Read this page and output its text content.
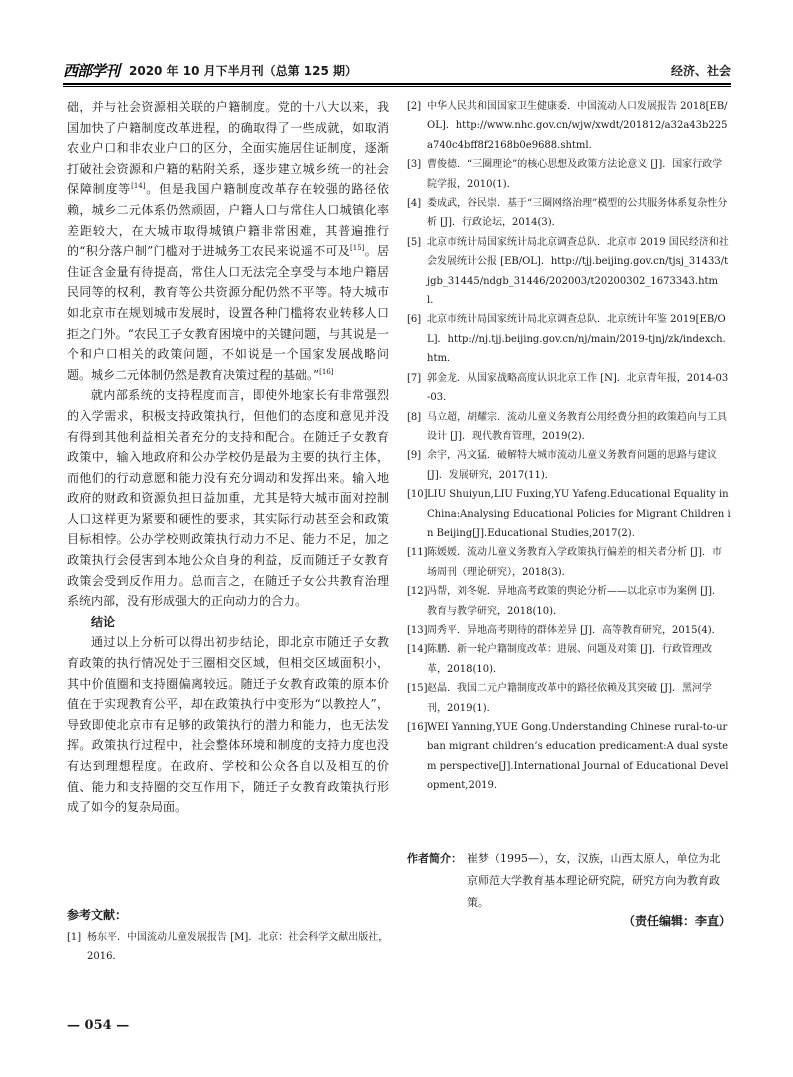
西部学刊 2020 年 10 月下半月刊（总第 125 期）	经济、社会

础，并与社会资源相关联的户籍制度。党的十八大以来，我国加快了户籍制度改革进程，的确取得了一些成就，如取消农业户口和非农业户口的区分，全面实施居住证制度，逐渐打破社会资源和户籍的粘附关系，逐步建立城乡统一的社会保障制度等[14]。但是我国户籍制度改革存在较强的路径依赖，城乡二元体系仍然顽固，户籍人口与常住人口城镇化率差距较大，在大城市取得城镇户籍非常困难，其普遍推行的“积分落户制”门槛对于进城务工农民来说遥不可及[15]。居住证含金量有待提高，常住人口无法完全享受与本地户籍居民同等的权利，教育等公共资源分配仍然不平等。特大城市如北京市在规划城市发展时，设置各种门槛将农业转移人口拒之门外。“农民工子女教育困境中的关键问题，与其说是一个和户口相关的政策问题，不如说是一个国家发展战略问题。城乡二元体制仍然是教育决策过程的基础。”[16]

就内部系统的支持程度而言，即使外地家长有非常强烈的入学需求，积极支持政策执行，但他们的态度和意见并没有得到其他利益相关者充分的支持和配合。在随迁子女教育政策中，输入地政府和公办学校仍是最为主要的执行主体，而他们的行动意愿和能力没有充分调动和发挥出来。输入地政府的财政和资源负担日益加重，尤其是特大城市面对控制人口这样更为紧要和硬性的要求，其实际行动甚至会和政策目标相悖。公办学校则政策执行动力不足、能力不足，加之政策执行会侵害到本地公众自身的利益，反而随迁子女教育政策会受到反作用力。总而言之，在随迁子女公共教育治理系统内部，没有形成强大的正向动力的合力。

结论

通过以上分析可以得出初步结论，即北京市随迁子女教育政策的执行情况处于三圈相交区域，但相交区域面积小，其中价值圈和支持圈偏离较远。随迁子女教育政策的原本价值在于实现教育公平，却在政策执行中变形为“以教控人”，导致即使北京市有足够的政策执行的潜力和能力，也无法发挥。政策执行过程中，社会整体环境和制度的支持力度也没有达到理想程度。在政府、学校和公众各自以及相互的价值、能力和支持圈的交互作用下，随迁子女教育政策执行形成了如今的复杂局面。

参考文献：
[1] 杨东平．中国流动儿童发展报告 [M]．北京：社会科学文献出版社，2016．
[2] 中华人民共和国国家卫生健康委．中国流动人口发展报告 2018[EB/OL]．http://www.nhc.gov.cn/wjw/xwdt/201812/a32a43b225a740c4bff8f2168b0e9688.shtml．
[3] 曹俊德．“三圈理论”的核心思想及政策方法论意义 [J]．国家行政学院学报，2010(1)．
[4] 娄成武，谷民崇．基于“三圈网络治理”模型的公共服务体系复杂性分析 [J]．行政论坛，2014(3)．
[5] 北京市统计局国家统计局北京调查总队．北京市 2019 国民经济和社会发展统计公报 [EB/OL]．http://tjj.beijing.gov.cn/tjsj_31433/tjgb_31445/ndgb_31446/202003/t20200302_1673343.html．
[6] 北京市统计局国家统计局北京调查总队．北京统计年鉴 2019[EB/OL]．http://nj.tjj.beijing.gov.cn/nj/main/2019-tjnj/zk/indexch.htm．
[7] 郭金龙．从国家战略高度认识北京工作 [N]．北京青年报，2014-03-03．
[8] 马立超，胡耀宗．流动儿童义务教育公用经费分担的政策趋向与工具设计 [J]．现代教育管理，2019(2)．
[9] 余宇，冯文猛．破解特大城市流动儿童义务教育问题的思路与建议 [J]．发展研究，2017(11)．
[10] LIU Shuiyun,LIU Fuxing,YU Yafeng.Educational Equality in China:Analysing Educational Policies for Migrant Children in Beijing[J].Educational Studies,2017(2).
[11] 陈媛媛．流动儿童义务教育入学政策执行偏差的相关者分析 [J]．市场周刊（理论研究），2018(3)．
[12] 冯帮，刘冬妮．异地高考政策的舆论分析——以北京市为案例 [J]．教育与教学研究，2018(10)．
[13] 周秀平．异地高考期待的群体差异 [J]．高等教育研究，2015(4)．
[14] 陈鹏．新一轮户籍制度改革：进展、问题及对策 [J]．行政管理改革，2018(10)．
[15] 赵晶．我国二元户籍制度改革中的路径依赖及其突破 [J]．黑河学刊，2019(1)．
[16] WEI Yanning,YUE Gong.Understanding Chinese rural-to-urban migrant children’s education predicament:A dual system perspective[J].International Journal of Educational Development,2019.
作者简介： 崔梦（1995—），女，汉族，山西太原人，单位为北京师范大学教育基本理论研究院，研究方向为教育政策。
（责任编辑：李直）
— 054 —
